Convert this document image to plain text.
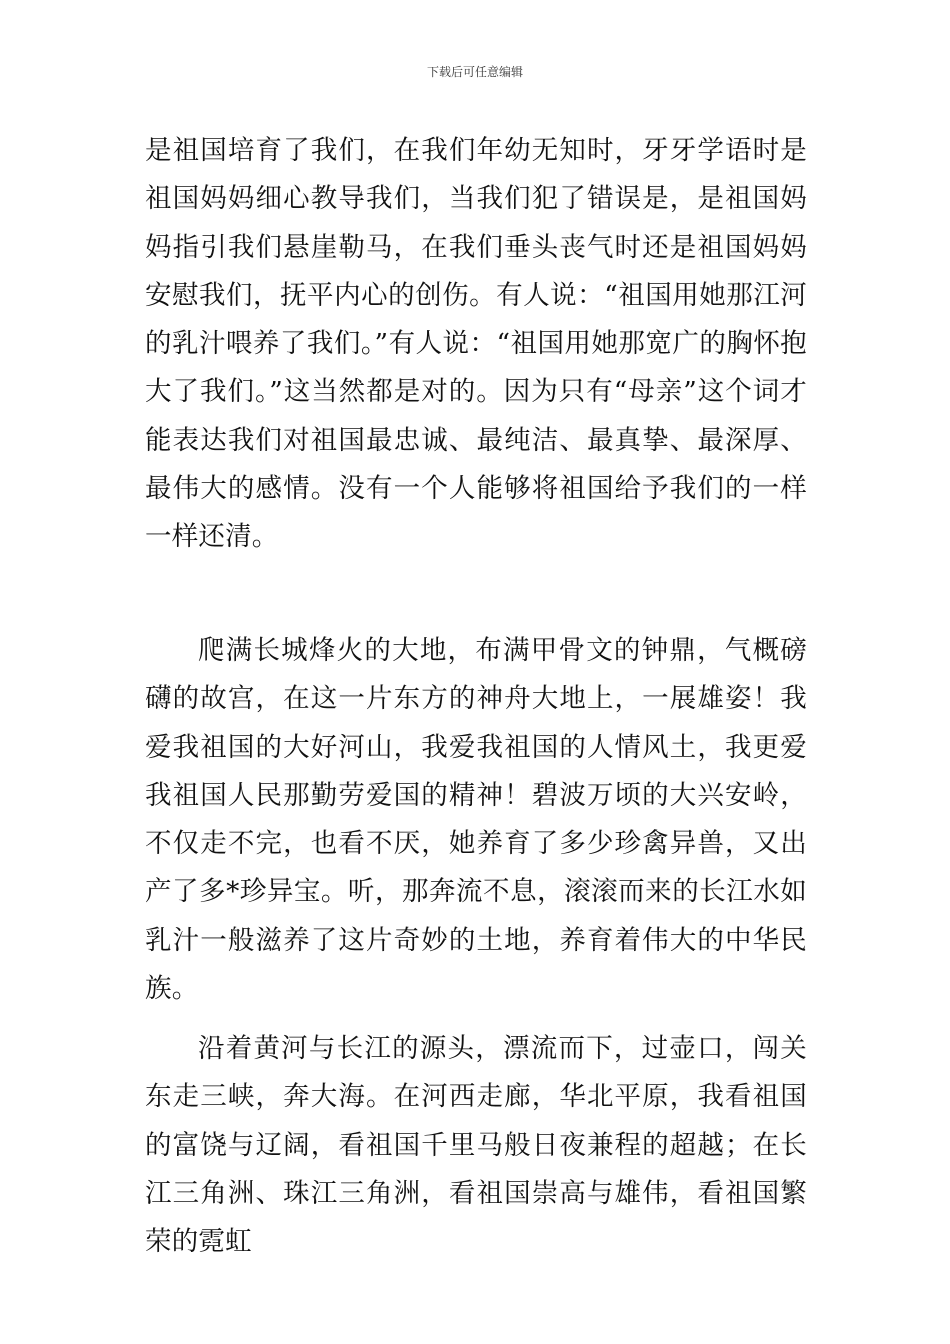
下载后可任意编辑

是祖国培育了我们，在我们年幼无知时，牙牙学语时是祖国妈妈细心教导我们，当我们犯了错误是，是祖国妈妈指引我们悬崖勒马，在我们垂头丧气时还是祖国妈妈安慰我们，抚平内心的创伤。有人说：“祖国用她那江河的乳汁喂养了我们。”有人说：“祖国用她那宽广的胸怀抱大了我们。”这当然都是对的。因为只有“母亲”这个词才能表达我们对祖国最忠诚、最纯洁、最真挚、最深厚、最伟大的感情。没有一个人能够将祖国给予我们的一样一样还清。

爬满长城烽火的大地，布满甲骨文的钟鼎，气概磅礴的故宫，在这一片东方的神舟大地上，一展雄姿！我爱我祖国的大好河山，我爱我祖国的人情风土，我更爱我祖国人民那勤劳爱国的精神！碧波万顷的大兴安岭，不仅走不完，也看不厌，她养育了多少珍禽异兽，又出产了多*珍异宝。听，那奔流不息，滚滚而来的长江水如乳汁一般滋养了这片奇妙的土地，养育着伟大的中华民族。

沿着黄河与长江的源头，漂流而下，过壶口，闯关东走三峡，奔大海。在河西走廊，华北平原，我看祖国的富饶与辽阔，看祖国千里马般日夜兼程的超越；在长江三角洲、珠江三角洲，看祖国崇高与雄伟，看祖国繁荣的霓虹
